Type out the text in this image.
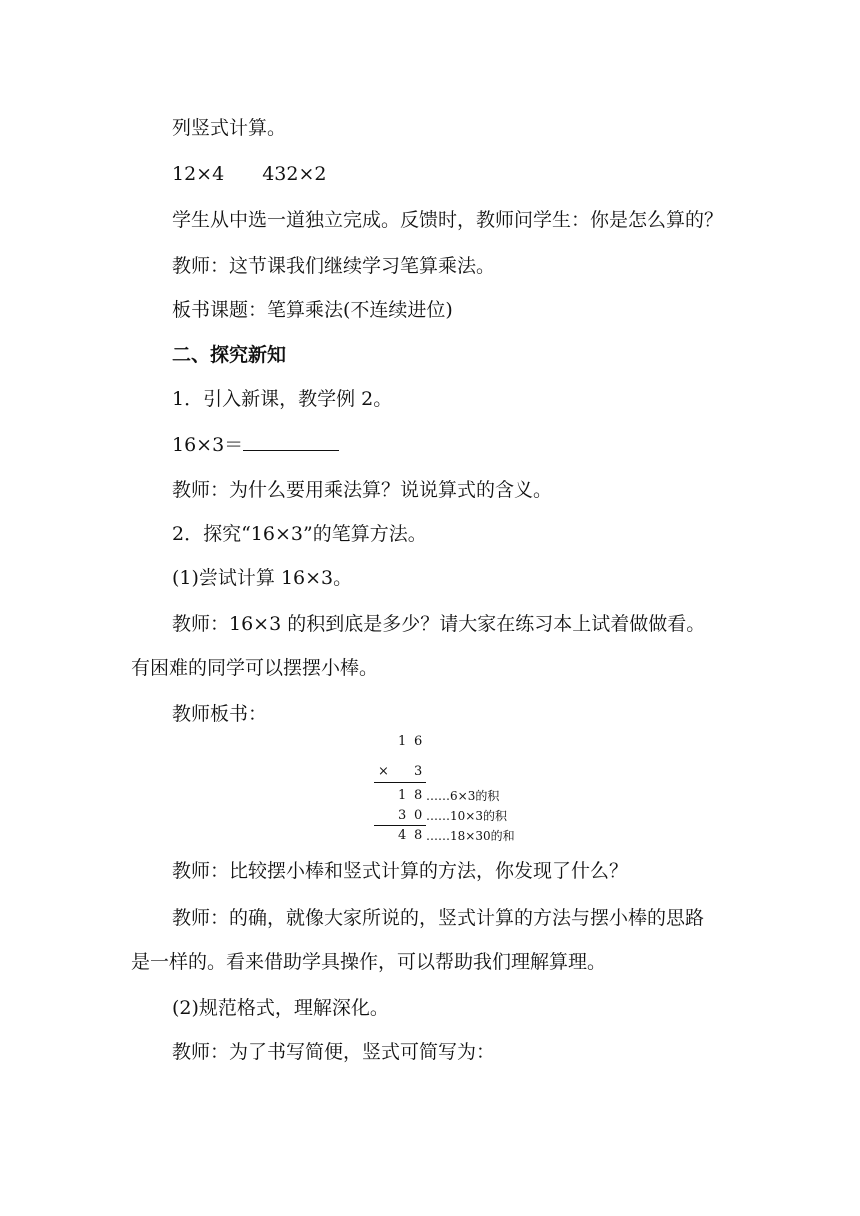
列竖式计算。
12×4 432×2
学生从中选一道独立完成。反馈时，教师问学生：你是怎么算的？
教师：这节课我们继续学习笔算乘法。
板书课题：笔算乘法(不连续进位)
二、探究新知
1．引入新课，教学例 2。
16×3＝
教师：为什么要用乘法算？说说算式的含义。
2．探究“16×3”的笔算方法。
(1)尝试计算 16×3。
教师：16×3 的积到底是多少？请大家在练习本上试着做做看。
有困难的同学可以摆摆小棒。
教师板书：
1 6
× 3
1 8 ……6×3的积
3 0 ……10×3的积
4 8 ……18×30的和
教师：比较摆小棒和竖式计算的方法，你发现了什么？
教师：的确，就像大家所说的，竖式计算的方法与摆小棒的思路
是一样的。看来借助学具操作，可以帮助我们理解算理。
(2)规范格式，理解深化。
教师：为了书写简便，竖式可简写为：
